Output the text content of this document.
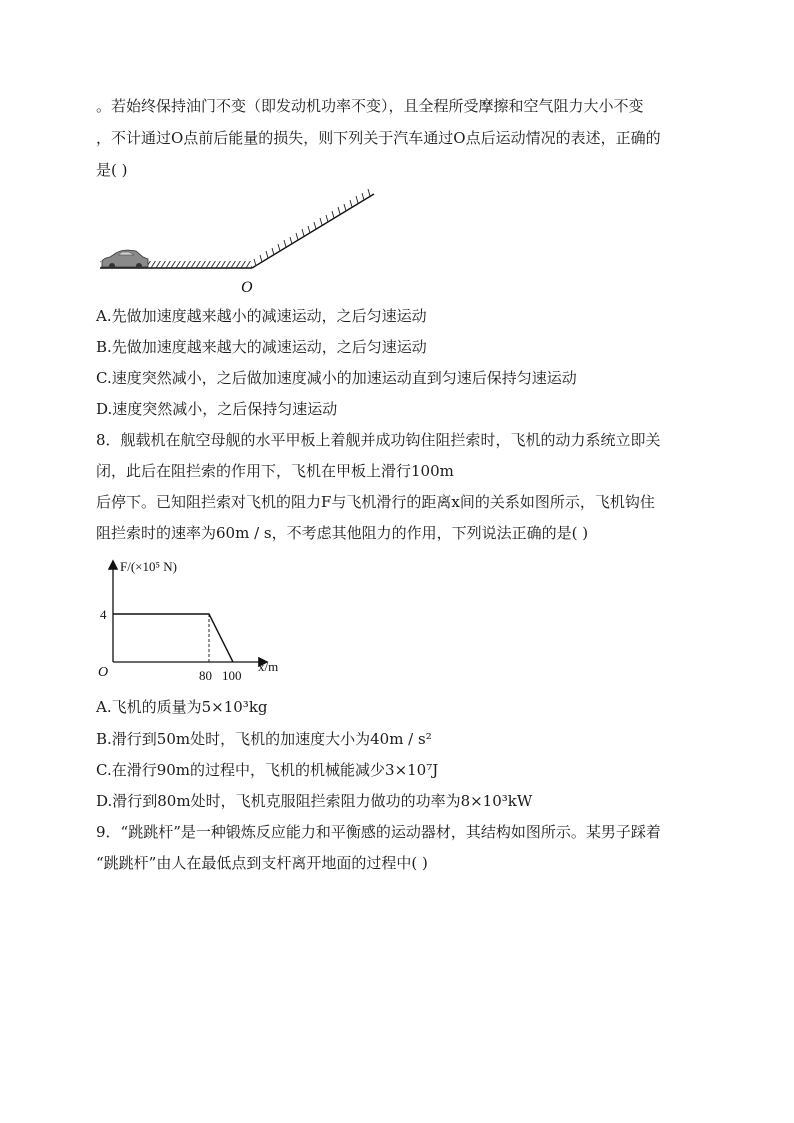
。若始终保持油门不变（即发动机功率不变），且全程所受摩擦和空气阻力大小不变
，不计通过O点前后能量的损失，则下列关于汽车通过O点后运动情况的表述，正确的
是( )
O
A.先做加速度越来越小的减速运动，之后匀速运动
B.先做加速度越来越大的减速运动，之后匀速运动
C.速度突然减小，之后做加速度减小的加速运动直到匀速后保持匀速运动
D.速度突然减小，之后保持匀速运动
8．舰载机在航空母舰的水平甲板上着舰并成功钩住阻拦索时，飞机的动力系统立即关
闭，此后在阻拦索的作用下，飞机在甲板上滑行100m
后停下。已知阻拦索对飞机的阻力F与飞机滑行的距离x间的关系如图所示，飞机钩住
阻拦索时的速率为60m / s，不考虑其他阻力的作用，下列说法正确的是( )
F/(×10⁵ N)
x/m
O	80 100
4
A.飞机的质量为5×10³kg
B.滑行到50m处时，飞机的加速度大小为40m / s²
C.在滑行90m的过程中，飞机的机械能减少3×10⁷J
D.滑行到80m处时，飞机克服阻拦索阻力做功的功率为8×10³kW
9．“跳跳杆”是一种锻炼反应能力和平衡感的运动器材，其结构如图所示。某男子踩着
“跳跳杆”由人在最低点到支杆离开地面的过程中( )
